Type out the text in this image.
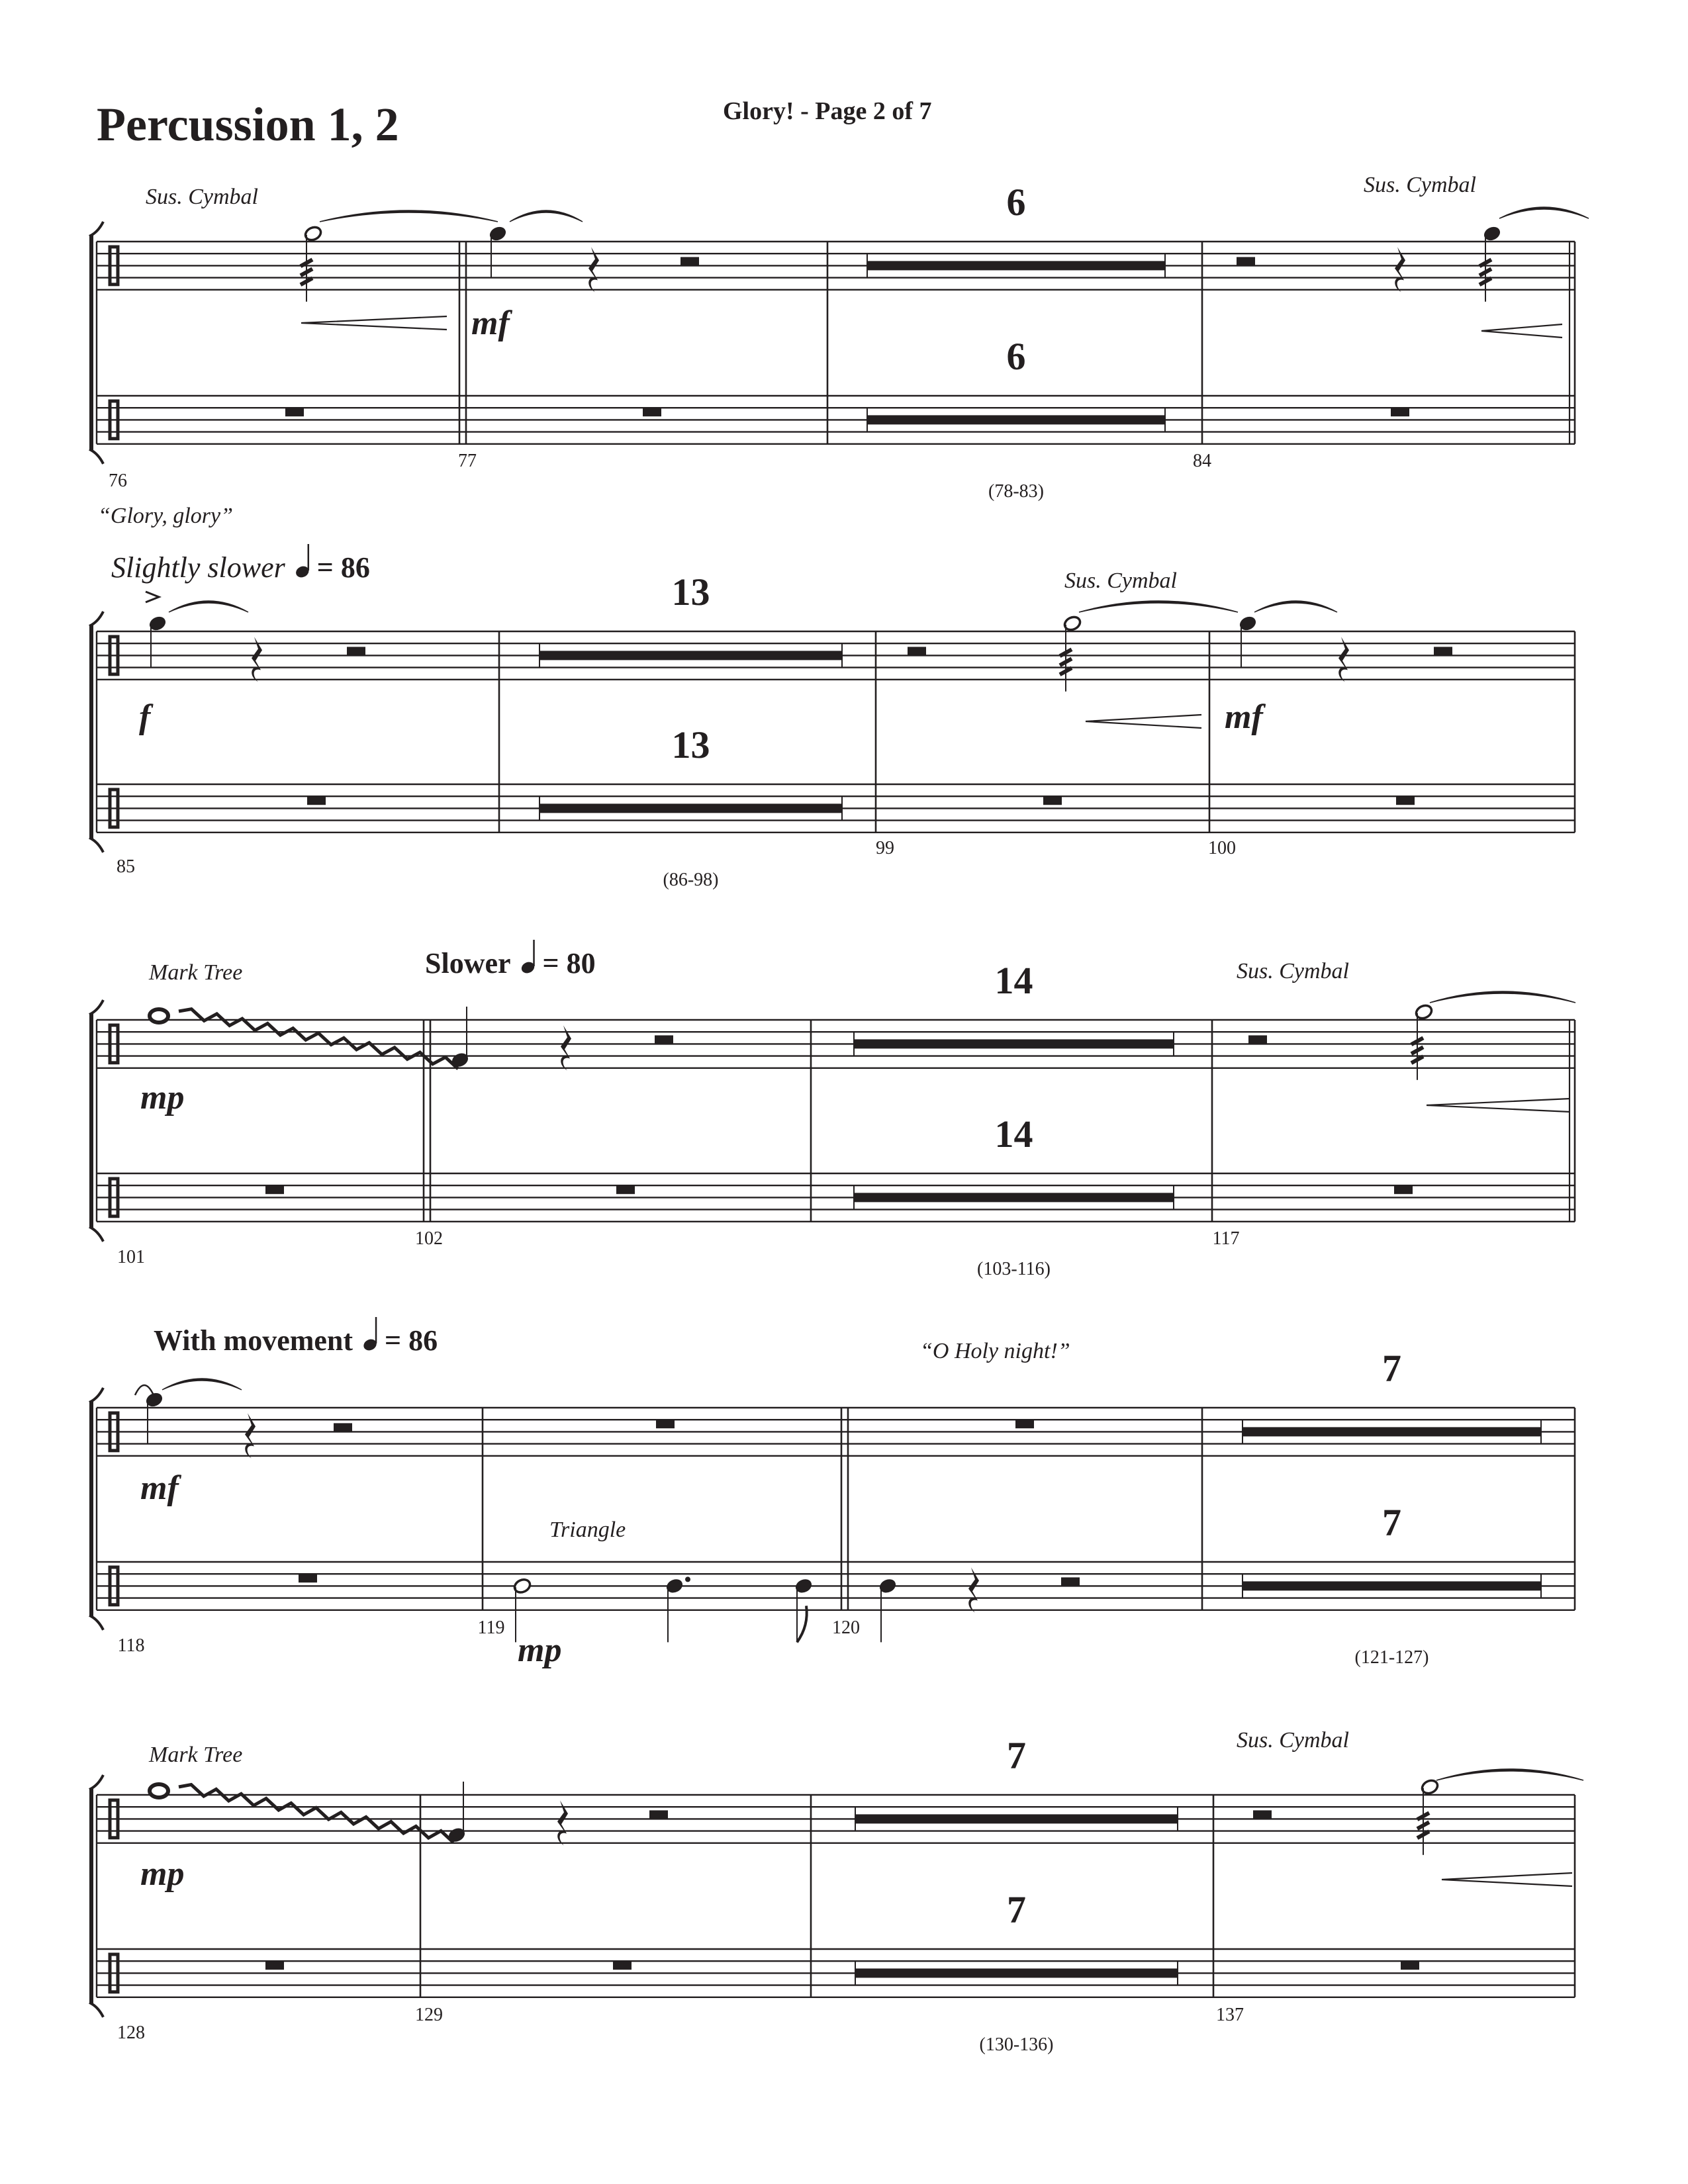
Percussion 1, 2	Glory! - Page 2 of 7
76
77	84
6
6
(78-83)
Sus. Cymbal	Sus. Cymbal
mf
85
99	100
13
13
(86-98)
“Glory, glory”
Sus. Cymbal
Slightly slower = 86
f	mf
101
102	117
14
14
(103-116)
Mark Tree	Sus. Cymbal
Slower = 80
mp
118
119	120
7
7
(121-127)
“O Holy night!”
Triangle
With movement = 86
mf
mp
128
129	137
7
7
(130-136)
Mark Tree
Sus. Cymbal
mp
